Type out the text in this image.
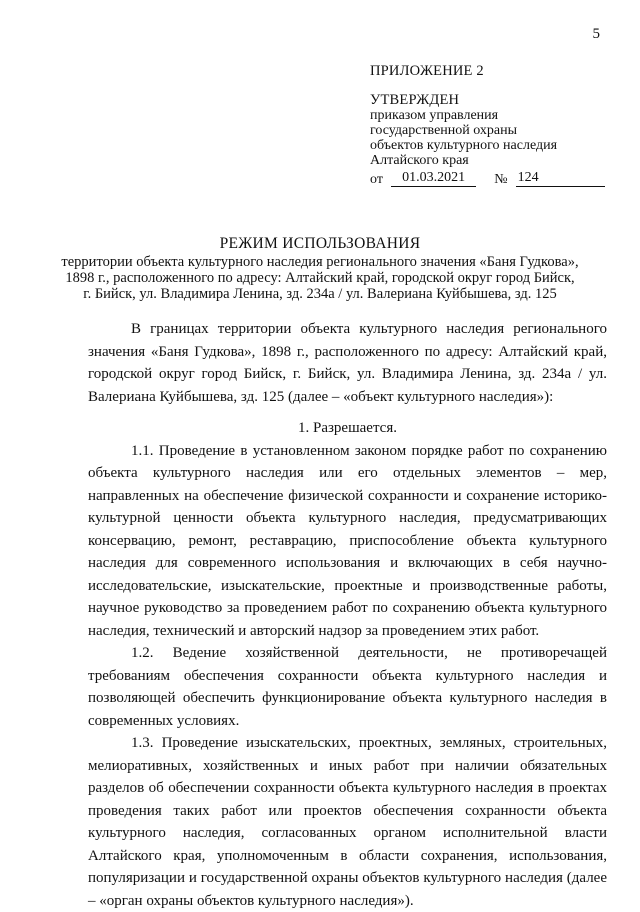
5
ПРИЛОЖЕНИЕ 2
УТВЕРЖДЕН
приказом управления
государственной охраны
объектов культурного наследия
Алтайского края
от	01.03.2021	№ 124
РЕЖИМ ИСПОЛЬЗОВАНИЯ
территории объекта культурного наследия регионального значения «Баня Гудкова», 1898 г., расположенного по адресу: Алтайский край, городской округ город Бийск, г. Бийск, ул. Владимира Ленина, зд. 234а / ул. Валериана Куйбышева, зд. 125

В границах территории объекта культурного наследия регионального значения «Баня Гудкова», 1898 г., расположенного по адресу: Алтайский край, городской округ город Бийск, г. Бийск, ул. Владимира Ленина, зд. 234а / ул. Валериана Куйбышева, зд. 125 (далее – «объект культурного наследия»):

1. Разрешается.

1.1. Проведение в установленном законом порядке работ по сохранению объекта культурного наследия или его отдельных элементов – мер, направленных на обеспечение физической сохранности и сохранение историко-культурной ценности объекта культурного наследия, предусматривающих консервацию, ремонт, реставрацию, приспособление объекта культурного наследия для современного использования и включающих в себя научно-исследовательские, изыскательские, проектные и производственные работы, научное руководство за проведением работ по сохранению объекта культурного наследия, технический и авторский надзор за проведением этих работ.

1.2. Ведение хозяйственной деятельности, не противоречащей требованиям обеспечения сохранности объекта культурного наследия и позволяющей обеспечить функционирование объекта культурного наследия в современных условиях.

1.3. Проведение изыскательских, проектных, земляных, строительных, мелиоративных, хозяйственных и иных работ при наличии обязательных разделов об обеспечении сохранности объекта культурного наследия в проектах проведения таких работ или проектов обеспечения сохранности объекта культурного наследия, согласованных органом исполнительной власти Алтайского края, уполномоченным в области сохранения, использования, популяризации и государственной охраны объектов культурного наследия (далее – «орган охраны объектов культурного наследия»).
